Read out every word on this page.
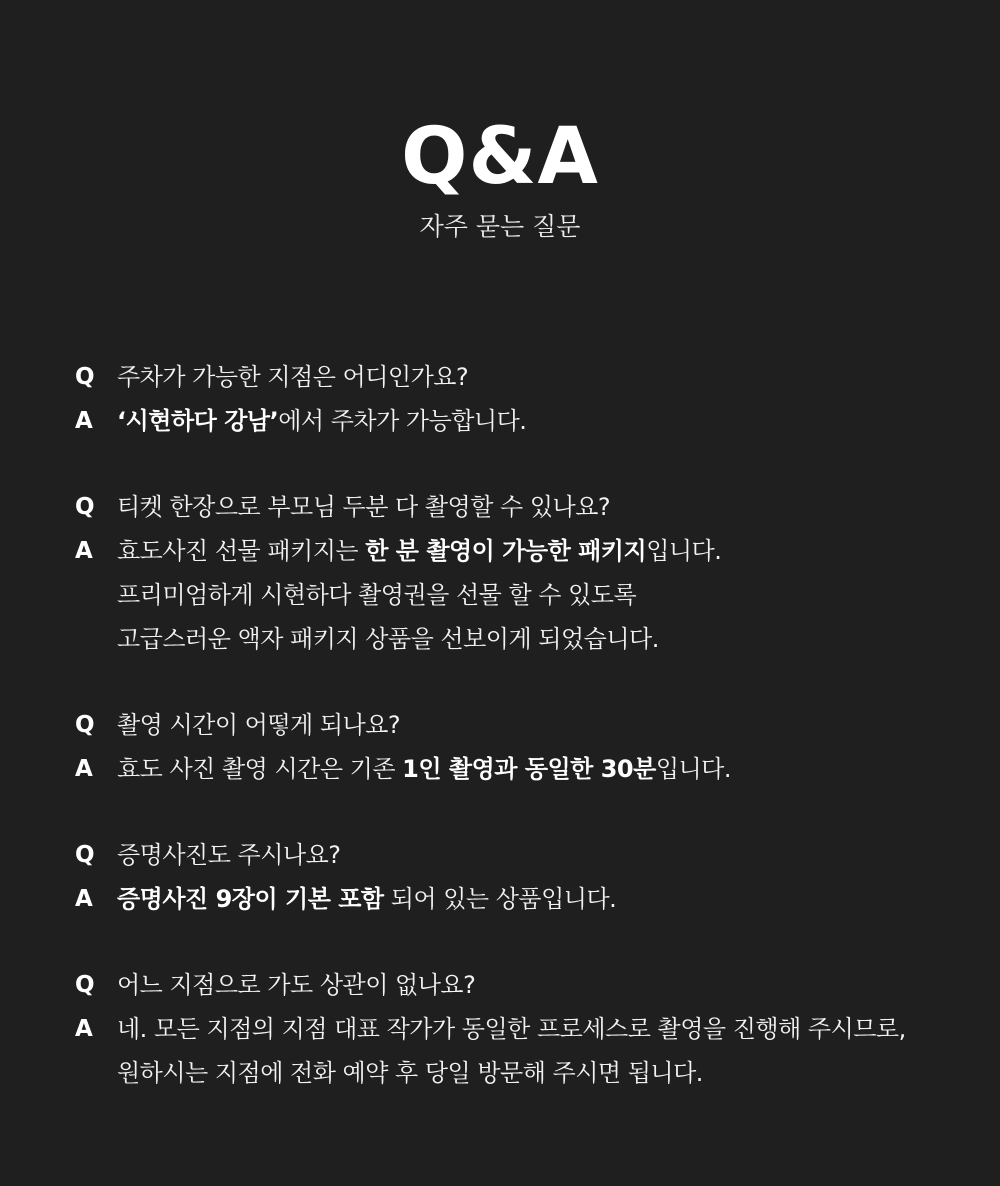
Q&A
자주 묻는 질문
Q 주차가 가능한 지점은 어디인가요?
A	‘시현하다 강남’에서 주차가 가능합니다.
Q 티켓 한장으로 부모님 두분 다 촬영할 수 있나요?
A	효도사진 선물 패키지는 한 분 촬영이 가능한 패키지입니다.
프리미엄하게 시현하다 촬영권을 선물 할 수 있도록
고급스러운 액자 패키지 상품을 선보이게 되었습니다.
Q 촬영 시간이 어떻게 되나요?
A	효도 사진 촬영 시간은 기존 1인 촬영과 동일한 30분입니다.
Q 증명사진도 주시나요?
A	증명사진 9장이 기본 포함 되어 있는 상품입니다.
Q 어느 지점으로 가도 상관이 없나요?
A	네. 모든 지점의 지점 대표 작가가 동일한 프로세스로 촬영을 진행해 주시므로,
원하시는 지점에 전화 예약 후 당일 방문해 주시면 됩니다.
